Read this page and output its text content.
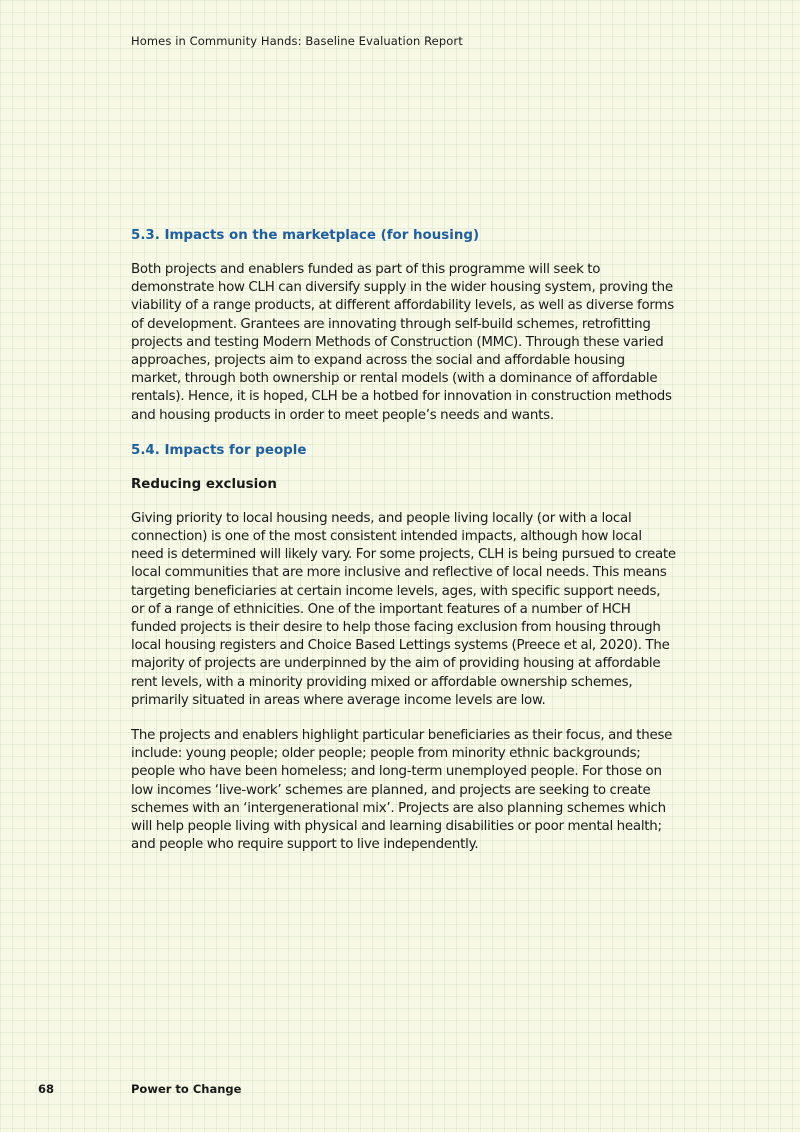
Homes in Community Hands: Baseline Evaluation Report
5.3. Impacts on the marketplace (for housing)

Both projects and enablers funded as part of this programme will seek to demonstrate how CLH can diversify supply in the wider housing system, proving the viability of a range products, at different affordability levels, as well as diverse forms of development. Grantees are innovating through self-build schemes, retrofitting projects and testing Modern Methods of Construction (MMC). Through these varied approaches, projects aim to expand across the social and affordable housing market, through both ownership or rental models (with a dominance of affordable rentals). Hence, it is hoped, CLH be a hotbed for innovation in construction methods and housing products in order to meet people’s needs and wants.

5.4. Impacts for people
Reducing exclusion

Giving priority to local housing needs, and people living locally (or with a local connection) is one of the most consistent intended impacts, although how local need is determined will likely vary. For some projects, CLH is being pursued to create local communities that are more inclusive and reflective of local needs. This means targeting beneficiaries at certain income levels, ages, with specific support needs, or of a range of ethnicities. One of the important features of a number of HCH funded projects is their desire to help those facing exclusion from housing through local housing registers and Choice Based Lettings systems (Preece et al, 2020). The majority of projects are underpinned by the aim of providing housing at affordable rent levels, with a minority providing mixed or affordable ownership schemes, primarily situated in areas where average income levels are low.

The projects and enablers highlight particular beneficiaries as their focus, and these include: young people; older people; people from minority ethnic backgrounds; people who have been homeless; and long-term unemployed people. For those on low incomes ‘live-work’ schemes are planned, and projects are seeking to create schemes with an ‘intergenerational mix’. Projects are also planning schemes which will help people living with physical and learning disabilities or poor mental health; and people who require support to live independently.

68	Power to Change
